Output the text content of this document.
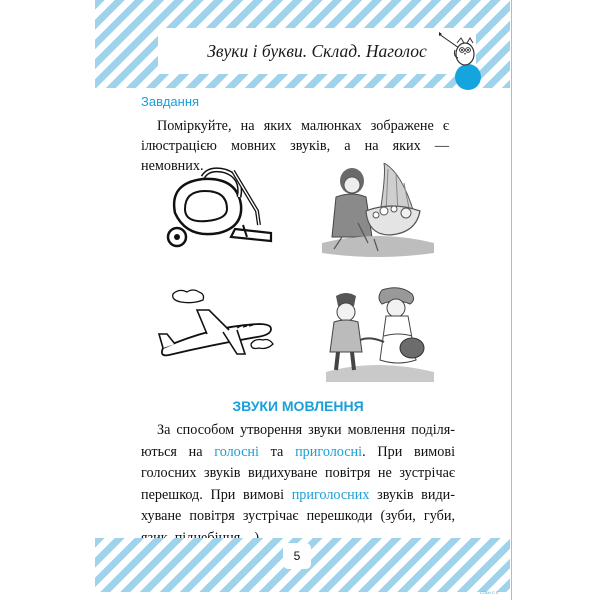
Звуки і букви. Склад. Наголос
Завдання
Поміркуйте, на яких малюнках зображене є ілюстрацією мовних звуків, а на яких — немовних.
ЗВУКИ МОВЛЕННЯ
За способом утворення звуки мовлення поділя-
ються на голосні та приголосні. При вимові
голосних звуків видихуване повітря не зустрічає
перешкод. При вимові приголосних звуків види-
хуване повітря зустрічає перешкоди (зуби, губи,
5
СТАН С Х
